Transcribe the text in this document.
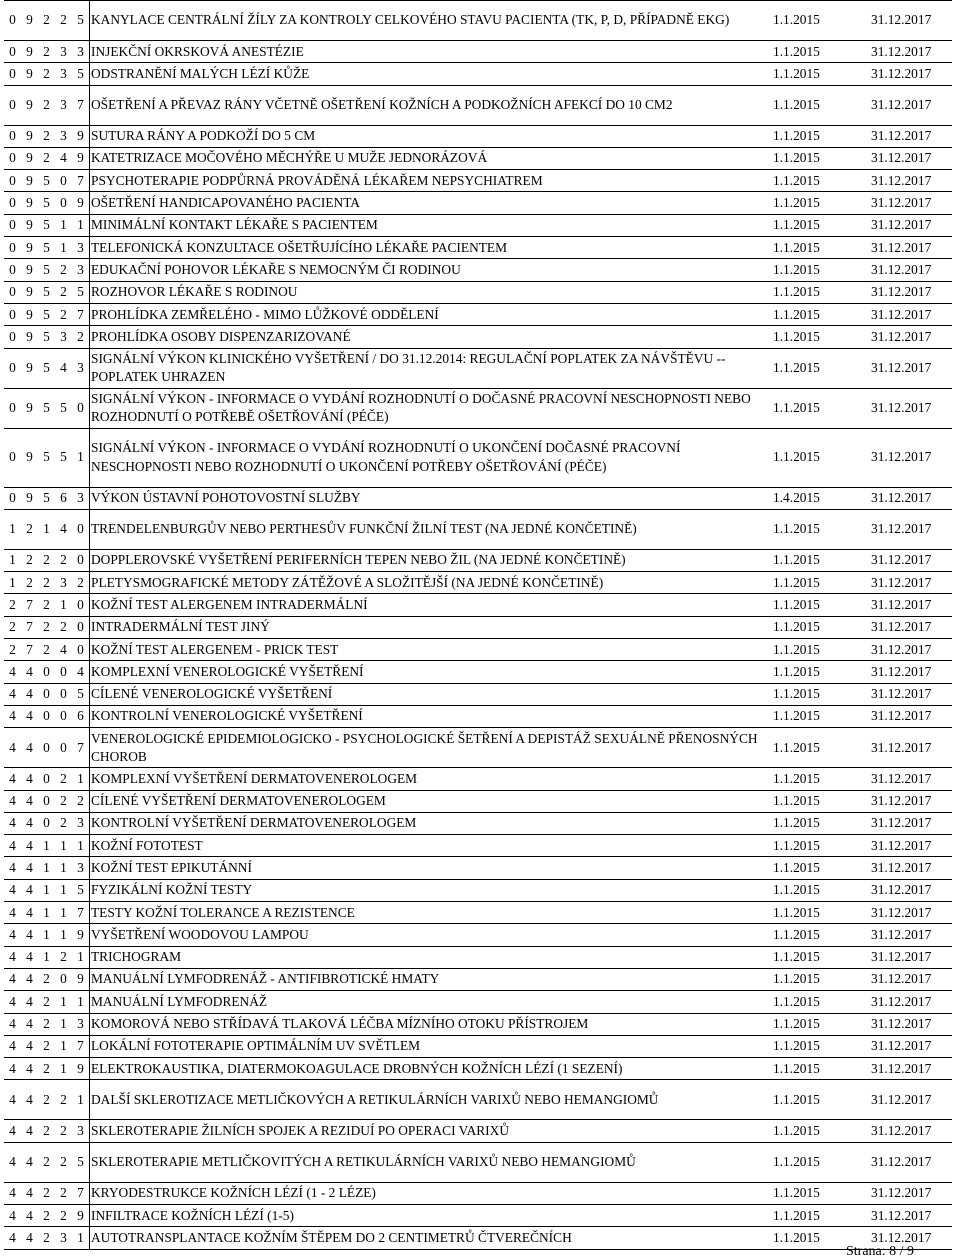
0	9	2	2	5	KANYLACE CENTRÁLNÍ ŽÍLY ZA KONTROLY CELKOVÉHO STAVU PACIENTA (TK, P, D, PŘÍPADNĚ EKG)	1.1.2015	31.12.2017
0	9	2	3	3	INJEKČNÍ OKRSKOVÁ ANESTÉZIE	1.1.2015	31.12.2017
0	9	2	3	5	ODSTRANĚNÍ MALÝCH LÉZÍ KŮŽE	1.1.2015	31.12.2017
0	9	2	3	7	OŠETŘENÍ A PŘEVAZ RÁNY VČETNĚ OŠETŘENÍ KOŽNÍCH A PODKOŽNÍCH AFEKCÍ DO 10 CM2	1.1.2015	31.12.2017
0	9	2	3	9	SUTURA RÁNY A PODKOŽÍ DO 5 CM	1.1.2015	31.12.2017
0	9	2	4	9	KATETRIZACE MOČOVÉHO MĚCHÝŘE U MUŽE JEDNORÁZOVÁ	1.1.2015	31.12.2017
0	9	5	0	7	PSYCHOTERAPIE PODPŮRNÁ PROVÁDĚNÁ LÉKAŘEM NEPSYCHIATREM	1.1.2015	31.12.2017
0	9	5	0	9	OŠETŘENÍ HANDICAPOVANÉHO PACIENTA	1.1.2015	31.12.2017
0	9	5	1	1	MINIMÁLNÍ KONTAKT LÉKAŘE S PACIENTEM	1.1.2015	31.12.2017
0	9	5	1	3	TELEFONICKÁ KONZULTACE OŠETŘUJÍCÍHO LÉKAŘE PACIENTEM	1.1.2015	31.12.2017
0	9	5	2	3	EDUKAČNÍ POHOVOR LÉKAŘE S NEMOCNÝM ČI RODINOU	1.1.2015	31.12.2017
0	9	5	2	5	ROZHOVOR LÉKAŘE S RODINOU	1.1.2015	31.12.2017
0	9	5	2	7	PROHLÍDKA ZEMŘELÉHO - MIMO LŮŽKOVÉ ODDĚLENÍ	1.1.2015	31.12.2017
0	9	5	3	2	PROHLÍDKA OSOBY DISPENZARIZOVANÉ	1.1.2015	31.12.2017
0	9	5	4	3	SIGNÁLNÍ VÝKON KLINICKÉHO VYŠETŘENÍ / DO 31.12.2014: REGULAČNÍ POPLATEK ZA NÁVŠTĚVU -- POPLATEK UHRAZEN	1.1.2015	31.12.2017
0	9	5	5	0	SIGNÁLNÍ VÝKON - INFORMACE O VYDÁNÍ ROZHODNUTÍ O DOČASNÉ PRACOVNÍ NESCHOPNOSTI NEBO ROZHODNUTÍ O POTŘEBĚ OŠETŘOVÁNÍ (PÉČE)	1.1.2015	31.12.2017
0	9	5	5	1	SIGNÁLNÍ VÝKON - INFORMACE O VYDÁNÍ ROZHODNUTÍ O UKONČENÍ DOČASNÉ PRACOVNÍ NESCHOPNOSTI NEBO ROZHODNUTÍ O UKONČENÍ POTŘEBY OŠETŘOVÁNÍ (PÉČE)	1.1.2015	31.12.2017
0	9	5	6	3	VÝKON ÚSTAVNÍ POHOTOVOSTNÍ SLUŽBY	1.4.2015	31.12.2017
1	2	1	4	0	TRENDELENBURGŮV NEBO PERTHESŮV FUNKČNÍ ŽILNÍ TEST (NA JEDNÉ KONČETINĚ)	1.1.2015	31.12.2017
1	2	2	2	0	DOPPLEROVSKÉ VYŠETŘENÍ PERIFERNÍCH TEPEN NEBO ŽIL (NA JEDNÉ KONČETINĚ)	1.1.2015	31.12.2017
1	2	2	3	2	PLETYSMOGRAFICKÉ METODY ZÁTĚŽOVÉ A SLOŽITĚJŠÍ (NA JEDNÉ KONČETINĚ)	1.1.2015	31.12.2017
2	7	2	1	0	KOŽNÍ TEST ALERGENEM INTRADERMÁLNÍ	1.1.2015	31.12.2017
2	7	2	2	0	INTRADERMÁLNÍ TEST JINÝ	1.1.2015	31.12.2017
2	7	2	4	0	KOŽNÍ TEST ALERGENEM - PRICK TEST	1.1.2015	31.12.2017
4	4	0	0	4	KOMPLEXNÍ VENEROLOGICKÉ VYŠETŘENÍ	1.1.2015	31.12.2017
4	4	0	0	5	CÍLENÉ VENEROLOGICKÉ VYŠETŘENÍ	1.1.2015	31.12.2017
4	4	0	0	6	KONTROLNÍ VENEROLOGICKÉ VYŠETŘENÍ	1.1.2015	31.12.2017
4	4	0	0	7	VENEROLOGICKÉ EPIDEMIOLOGICKO - PSYCHOLOGICKÉ ŠETŘENÍ A DEPISTÁŽ SEXUÁLNĚ PŘENOSNÝCH CHOROB	1.1.2015	31.12.2017
4	4	0	2	1	KOMPLEXNÍ VYŠETŘENÍ DERMATOVENEROLOGEM	1.1.2015	31.12.2017
4	4	0	2	2	CÍLENÉ VYŠETŘENÍ DERMATOVENEROLOGEM	1.1.2015	31.12.2017
4	4	0	2	3	KONTROLNÍ VYŠETŘENÍ DERMATOVENEROLOGEM	1.1.2015	31.12.2017
4	4	1	1	1	KOŽNÍ FOTOTEST	1.1.2015	31.12.2017
4	4	1	1	3	KOŽNÍ TEST EPIKUTÁNNÍ	1.1.2015	31.12.2017
4	4	1	1	5	FYZIKÁLNÍ KOŽNÍ TESTY	1.1.2015	31.12.2017
4	4	1	1	7	TESTY KOŽNÍ TOLERANCE A REZISTENCE	1.1.2015	31.12.2017
4	4	1	1	9	VYŠETŘENÍ WOODOVOU LAMPOU	1.1.2015	31.12.2017
4	4	1	2	1	TRICHOGRAM	1.1.2015	31.12.2017
4	4	2	0	9	MANUÁLNÍ LYMFODRENÁŽ - ANTIFIBROTICKÉ HMATY	1.1.2015	31.12.2017
4	4	2	1	1	MANUÁLNÍ LYMFODRENÁŽ	1.1.2015	31.12.2017
4	4	2	1	3	KOMOROVÁ NEBO STŘÍDAVÁ TLAKOVÁ LÉČBA MÍZNÍHO OTOKU PŘÍSTROJEM	1.1.2015	31.12.2017
4	4	2	1	7	LOKÁLNÍ FOTOTERAPIE OPTIMÁLNÍM UV SVĚTLEM	1.1.2015	31.12.2017
4	4	2	1	9	ELEKTROKAUSTIKA, DIATERMOKOAGULACE DROBNÝCH KOŽNÍCH LÉZÍ (1 SEZENÍ)	1.1.2015	31.12.2017
4	4	2	2	1	DALŠÍ SKLEROTIZACE METLIČKOVÝCH A RETIKULÁRNÍCH VARIXŮ NEBO HEMANGIOMŮ	1.1.2015	31.12.2017
4	4	2	2	3	SKLEROTERAPIE ŽILNÍCH SPOJEK A REZIDUÍ PO OPERACI VARIXŮ	1.1.2015	31.12.2017
4	4	2	2	5	SKLEROTERAPIE METLIČKOVITÝCH A RETIKULÁRNÍCH VARIXŮ NEBO HEMANGIOMŮ	1.1.2015	31.12.2017
4	4	2	2	7	KRYODESTRUKCE KOŽNÍCH LÉZÍ (1 - 2 LÉZE)	1.1.2015	31.12.2017
4	4	2	2	9	INFILTRACE KOŽNÍCH LÉZÍ (1-5)	1.1.2015	31.12.2017
4	4	2	3	1	AUTOTRANSPLANTACE KOŽNÍM ŠTĚPEM DO 2 CENTIMETRŮ ČTVEREČNÍCH	1.1.2015	31.12.2017
Strana: 8 / 9
